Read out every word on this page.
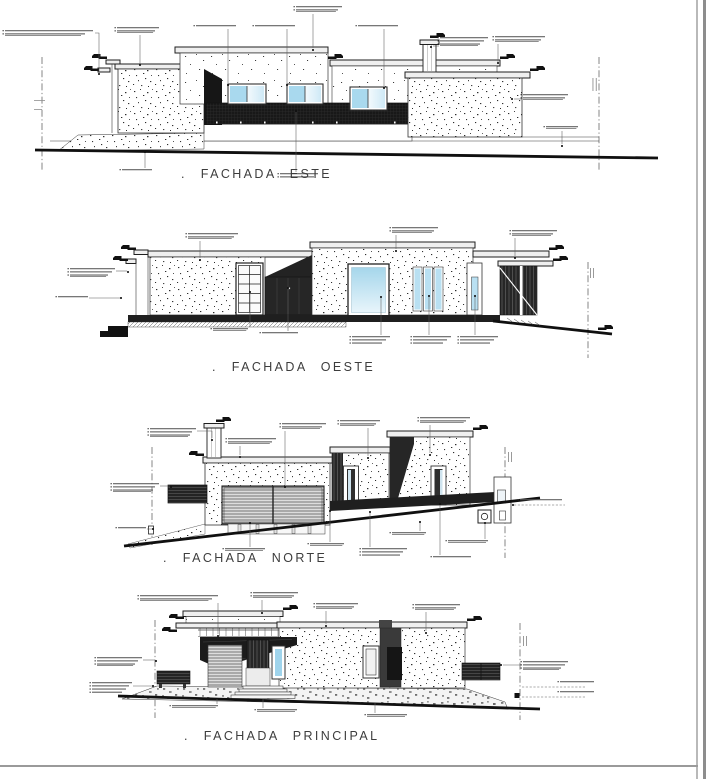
. FACHADA ESTE
. FACHADA OESTE
. FACHADA NORTE
. FACHADA PRINCIPAL
